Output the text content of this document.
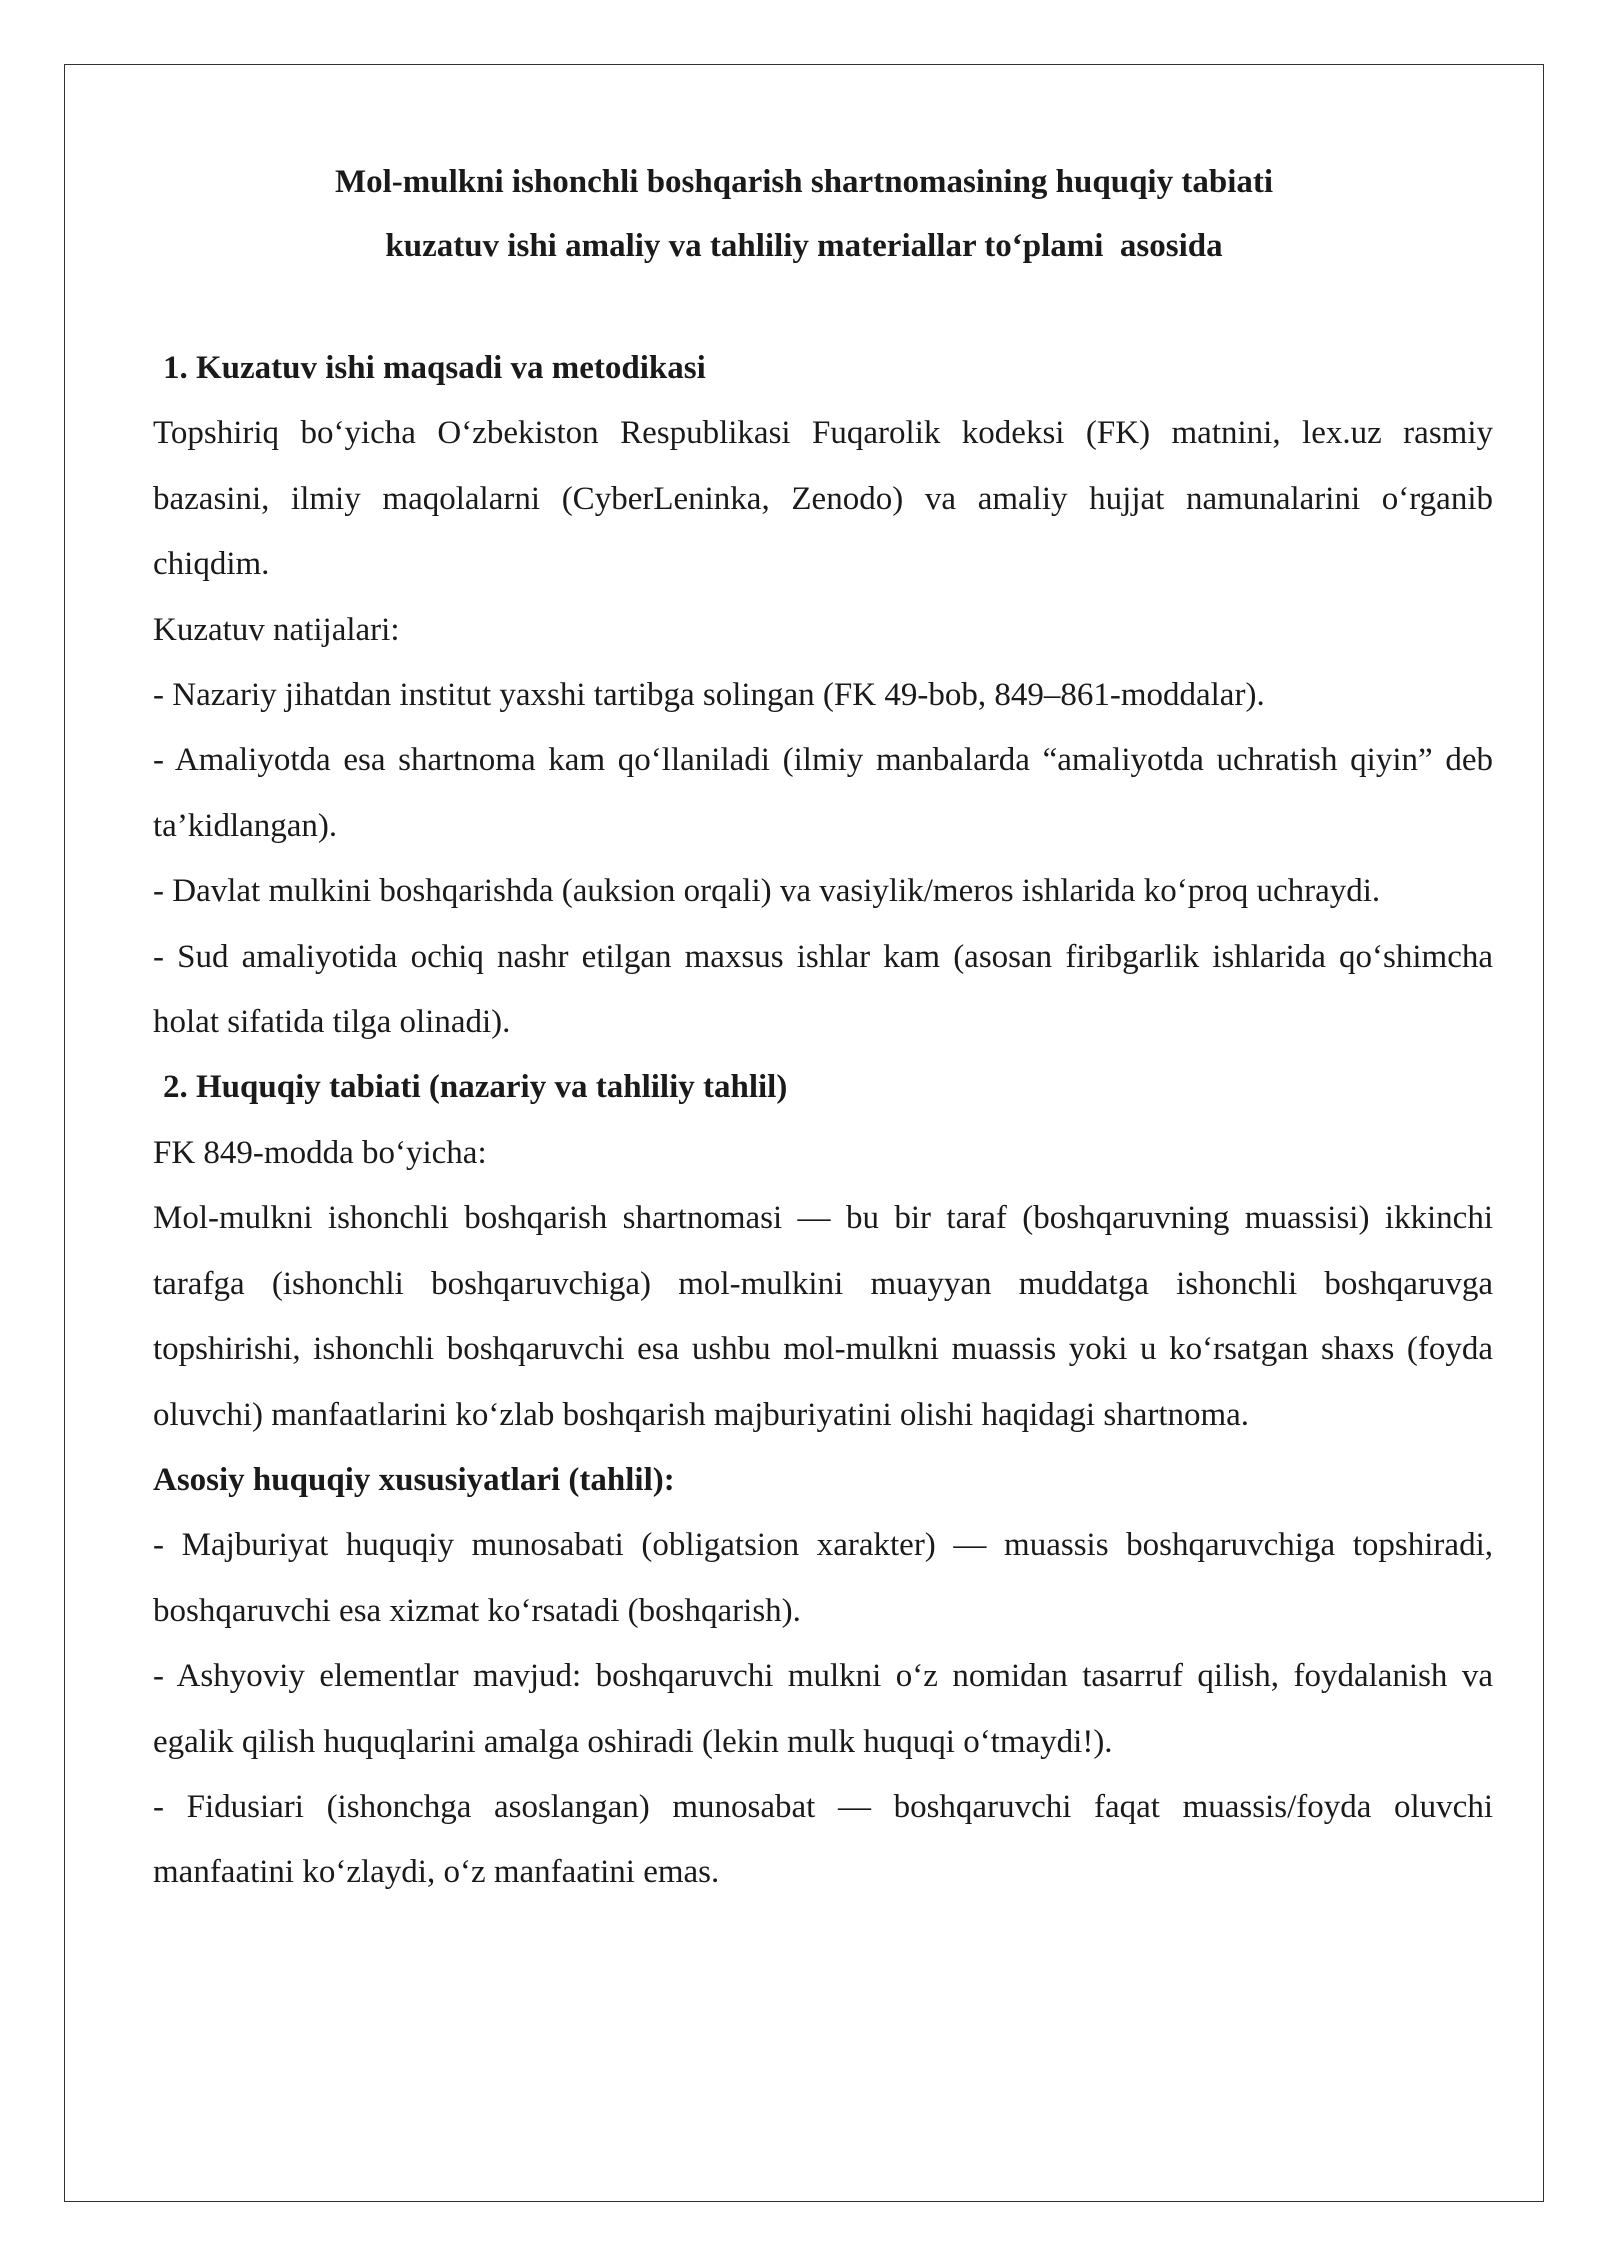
Mol-mulkni ishonchli boshqarish shartnomasining huquqiy tabiati
kuzatuv ishi amaliy va tahliliy materiallar to‘plami  asosida

1. Kuzatuv ishi maqsadi va metodikasi

Topshiriq bo‘yicha O‘zbekiston Respublikasi Fuqarolik kodeksi (FK) matnini, lex.uz rasmiy bazasini, ilmiy maqolalarni (CyberLeninka, Zenodo) va amaliy hujjat namunalarini o‘rganib chiqdim.

Kuzatuv natijalari:

- Nazariy jihatdan institut yaxshi tartibga solingan (FK 49-bob, 849–861-moddalar).

- Amaliyotda esa shartnoma kam qo‘llaniladi (ilmiy manbalarda “amaliyotda uchratish qiyin” deb ta’kidlangan).

- Davlat mulkini boshqarishda (auksion orqali) va vasiylik/meros ishlarida ko‘proq uchraydi.

- Sud amaliyotida ochiq nashr etilgan maxsus ishlar kam (asosan firibgarlik ishlarida qo‘shimcha holat sifatida tilga olinadi).

2. Huquqiy tabiati (nazariy va tahliliy tahlil)

FK 849-modda bo‘yicha:

Mol-mulkni ishonchli boshqarish shartnomasi — bu bir taraf (boshqaruvning muassisi) ikkinchi tarafga (ishonchli boshqaruvchiga) mol-mulkini muayyan muddatga ishonchli boshqaruvga topshirishi, ishonchli boshqaruvchi esa ushbu mol-mulkni muassis yoki u ko‘rsatgan shaxs (foyda oluvchi) manfaatlarini ko‘zlab boshqarish majburiyatini olishi haqidagi shartnoma.

Asosiy huquqiy xususiyatlari (tahlil):

- Majburiyat huquqiy munosabati (obligatsion xarakter) — muassis boshqaruvchiga topshiradi, boshqaruvchi esa xizmat ko‘rsatadi (boshqarish).

- Ashyoviy elementlar mavjud: boshqaruvchi mulkni o‘z nomidan tasarruf qilish, foydalanish va egalik qilish huquqlarini amalga oshiradi (lekin mulk huquqi o‘tmaydi!).

- Fidusiari (ishonchga asoslangan) munosabat — boshqaruvchi faqat muassis/foyda oluvchi manfaatini ko‘zlaydi, o‘z manfaatini emas.
